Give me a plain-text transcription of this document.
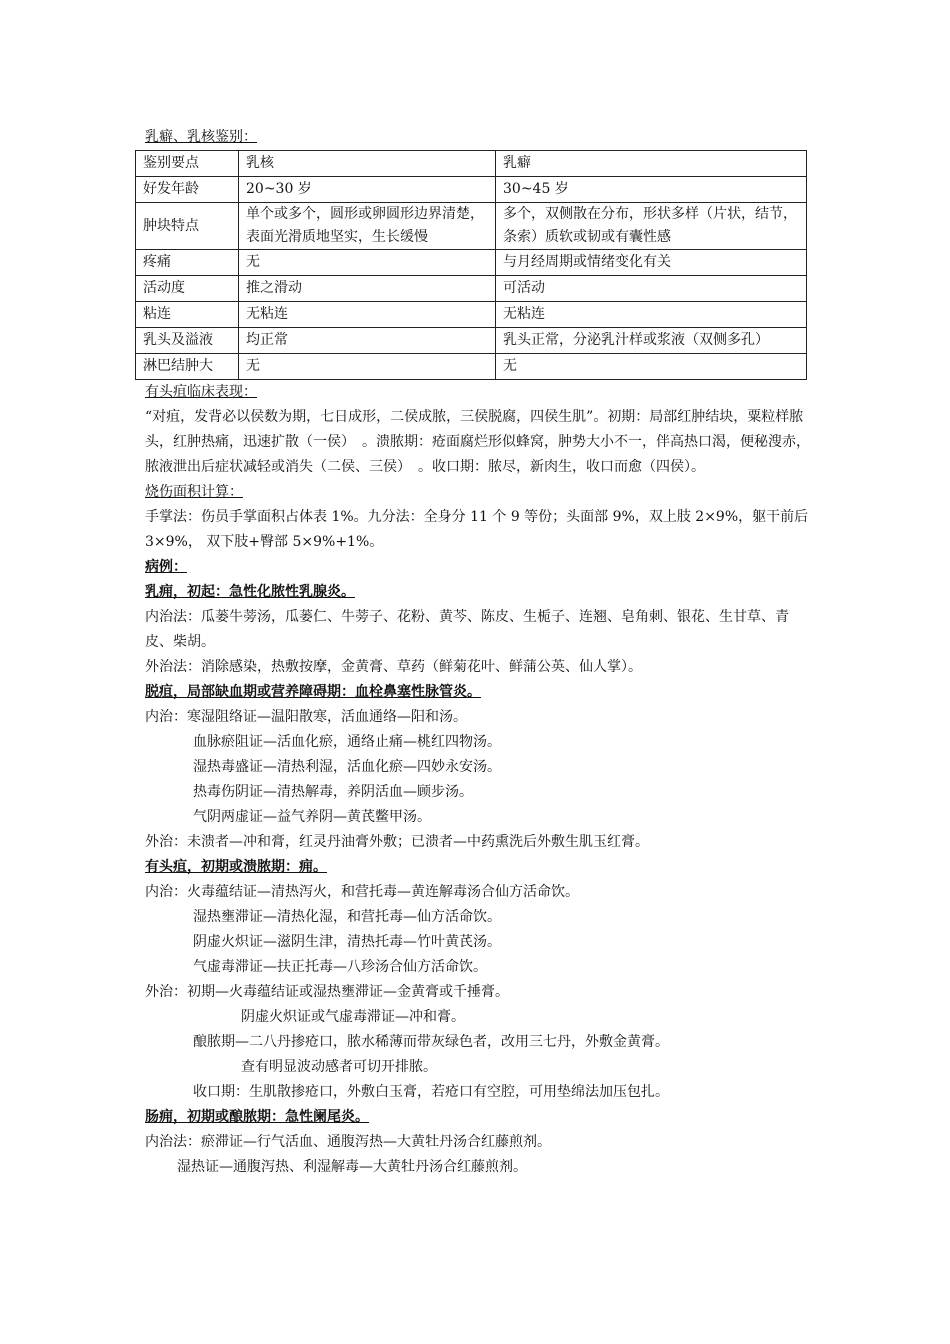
乳癖、乳核鉴别：
鉴别要点	乳核	乳癖
好发年龄	20~30 岁	30~45 岁
肿块特点	单个或多个，圆形或卵圆形边界清楚，表面光滑质地坚实，生长缓慢	多个，双侧散在分布，形状多样（片状，结节，条索）质软或韧或有囊性感
疼痛	无	与月经周期或情绪变化有关
活动度	推之滑动	可活动
粘连	无粘连	无粘连
乳头及溢液	均正常	乳头正常，分泌乳汁样或浆液（双侧多孔）
淋巴结肿大	无	无
有头疽临床表现：
“对疽，发背必以侯数为期，七日成形，二侯成脓，三侯脱腐，四侯生肌”。初期：局部红肿结块，粟粒样脓头，红肿热痛，迅速扩散（一侯）　。溃脓期：疮面腐烂形似蜂窝，肿势大小不一，伴高热口渴，便秘溲赤，脓液泄出后症状减轻或消失（二侯、三侯）　。收口期：脓尽，新肉生，收口而愈（四侯）。
烧伤面积计算：
手掌法：伤员手掌面积占体表 1%。九分法：全身分 11 个 9 等份；头面部 9%，双上肢 2×9%，躯干前后 3×9%， 双下肢+臀部 5×9%+1%。
病例：
乳痈，初起：急性化脓性乳腺炎。
内治法：瓜蒌牛蒡汤，瓜蒌仁、牛蒡子、花粉、黄芩、陈皮、生栀子、连翘、皂角刺、银花、生甘草、青皮、柴胡。
外治法：消除感染，热敷按摩，金黄膏、草药（鲜菊花叶、鲜蒲公英、仙人掌）。
脱疽，局部缺血期或营养障碍期：血栓鼻塞性脉管炎。
内治：寒湿阻络证—温阳散寒，活血通络—阳和汤。
血脉瘀阻证—活血化瘀，通络止痛—桃红四物汤。
湿热毒盛证—清热利湿，活血化瘀—四妙永安汤。
热毒伤阴证—清热解毒，养阴活血—顾步汤。
气阴两虚证—益气养阴—黄芪鳖甲汤。
外治：未溃者—冲和膏，红灵丹油膏外敷；已溃者—中药熏洗后外敷生肌玉红膏。
有头疽，初期或溃脓期：痈。
内治：火毒蕴结证—清热泻火，和营托毒—黄连解毒汤合仙方活命饮。
湿热壅滞证—清热化湿，和营托毒—仙方活命饮。
阴虚火炽证—滋阴生津，清热托毒—竹叶黄芪汤。
气虚毒滞证—扶正托毒—八珍汤合仙方活命饮。
外治：初期—火毒蕴结证或湿热壅滞证—金黄膏或千捶膏。
阴虚火炽证或气虚毒滞证—冲和膏。
酿脓期—二八丹掺疮口，脓水稀薄而带灰绿色者，改用三七丹，外敷金黄膏。
查有明显波动感者可切开排脓。
收口期：生肌散掺疮口，外敷白玉膏，若疮口有空腔，可用垫绵法加压包扎。
肠痈，初期或酿脓期：急性阑尾炎。
内治法：瘀滞证—行气活血、通腹泻热—大黄牡丹汤合红藤煎剂。
湿热证—通腹泻热、利湿解毒—大黄牡丹汤合红藤煎剂。
